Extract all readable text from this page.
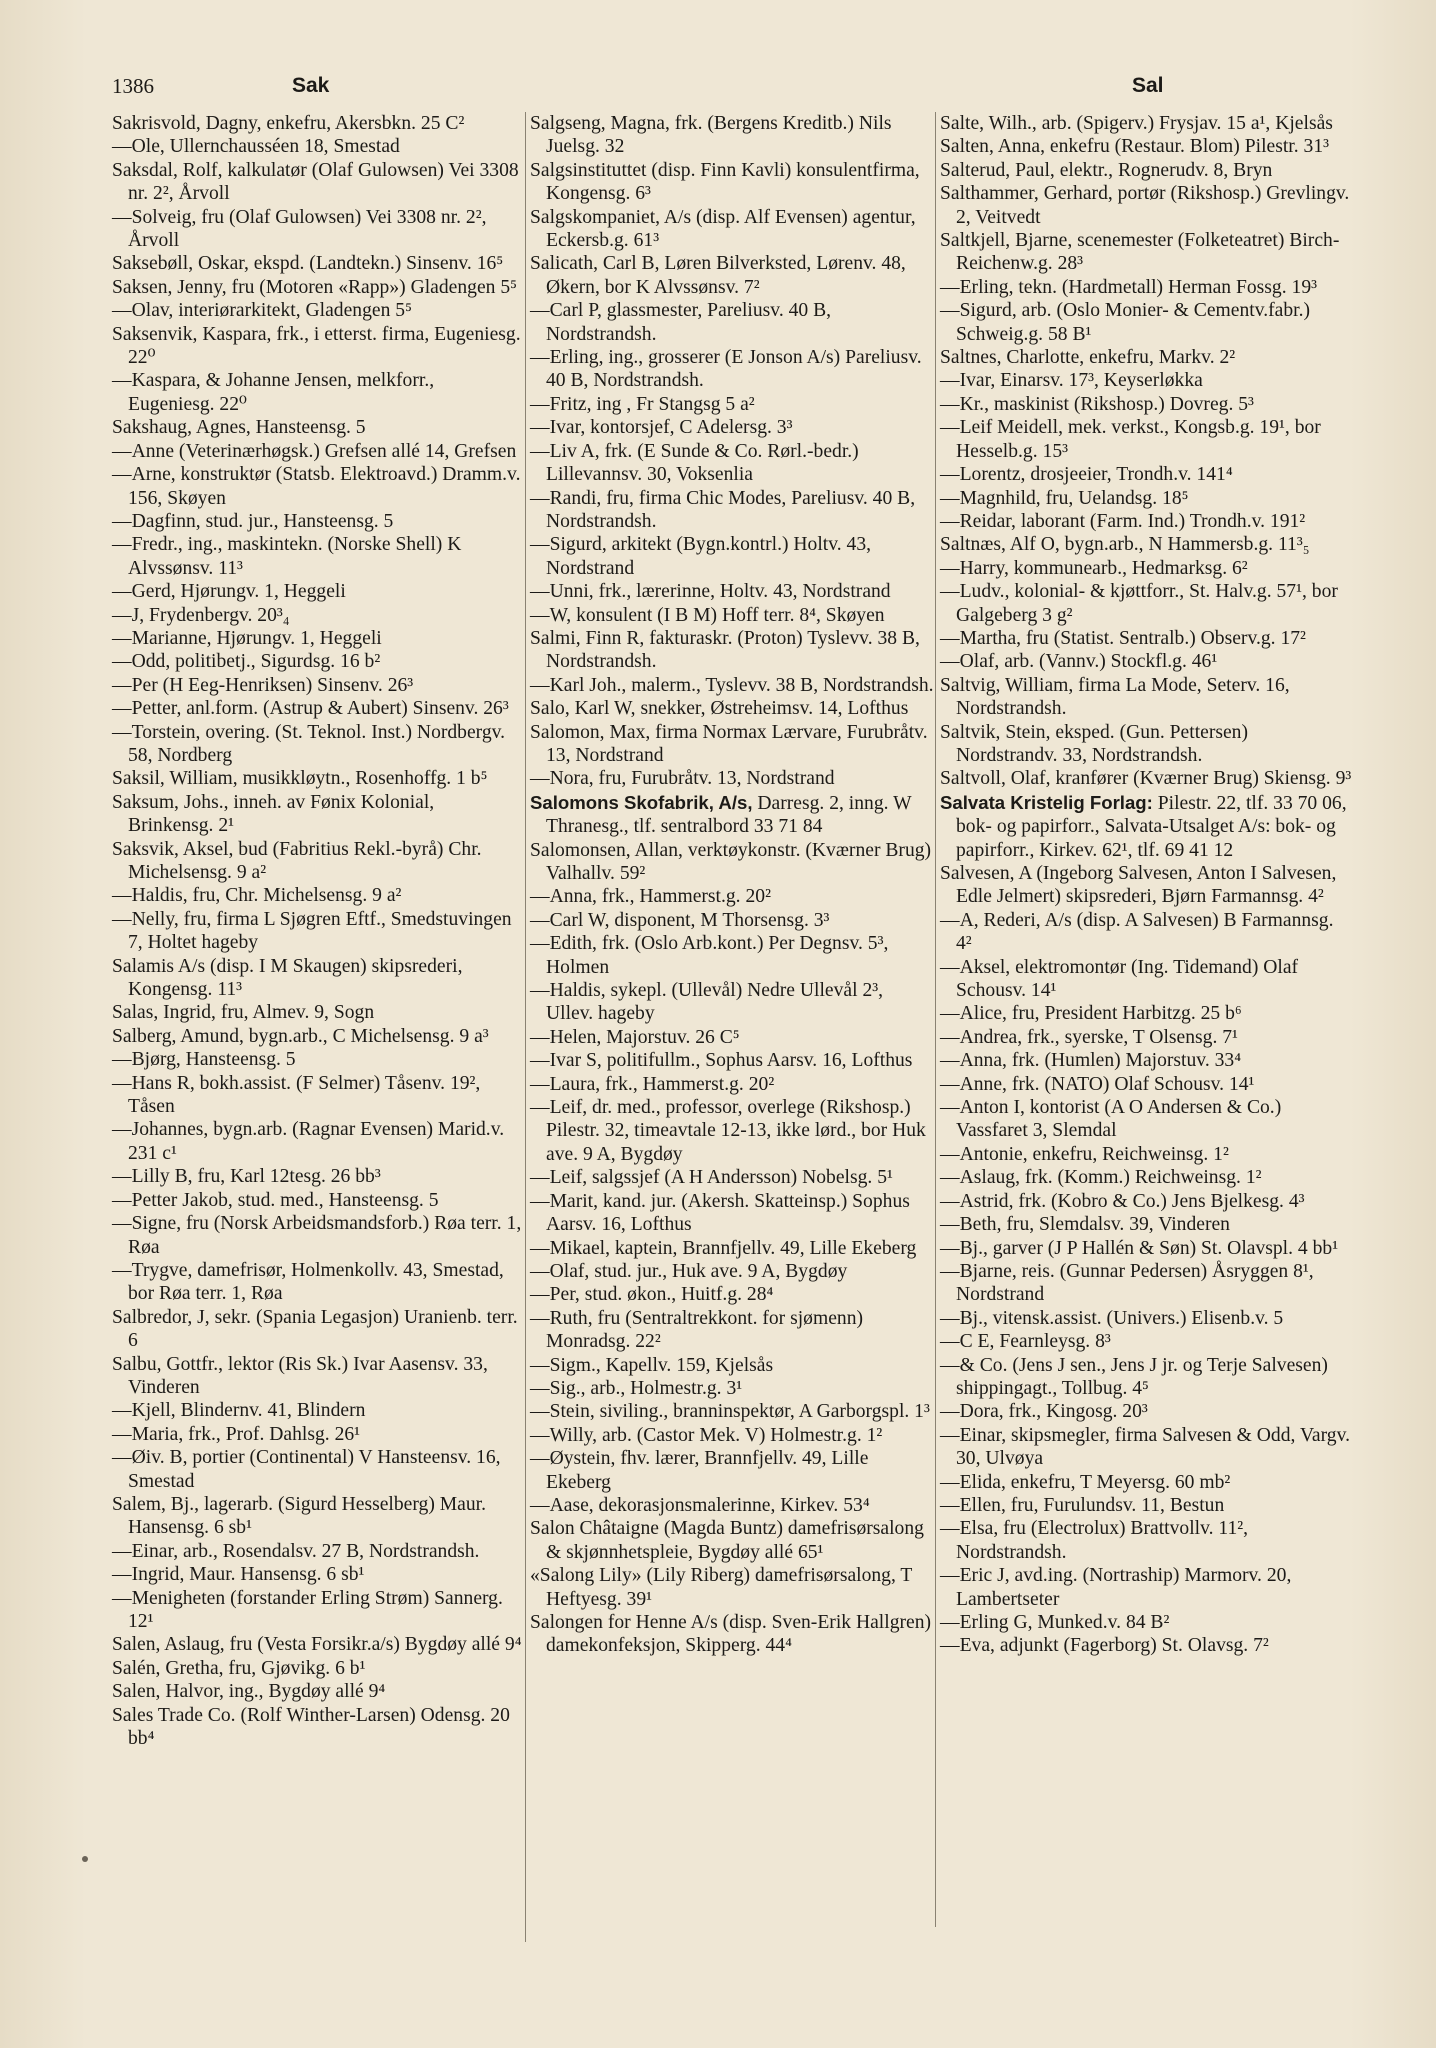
1386	Sak	Sal
Sakrisvold, Dagny, enkefru, Akersbkn. 25 C²
—Ole, Ullernchausséen 18, Smestad
Saksdal, Rolf, kalkulatør (Olaf Gulowsen) Vei 3308 nr. 2², Årvoll
—Solveig, fru (Olaf Gulowsen) Vei 3308 nr. 2², Årvoll
Saksebøll, Oskar, ekspd. (Landtekn.) Sinsenv. 16⁵
Saksen, Jenny, fru (Motoren «Rapp») Gladengen 5⁵
—Olav, interiørarkitekt, Gladengen 5⁵
Saksenvik, Kaspara, frk., i etterst. firma, Eugeniesg. 22⁰
—Kaspara, & Johanne Jensen, melkforr., Eugeniesg. 22⁰
Sakshaug, Agnes, Hansteensg. 5
—Anne (Veterinærhøgsk.) Grefsen allé 14, Grefsen
—Arne, konstruktør (Statsb. Elektroavd.) Dramm.v. 156, Skøyen
—Dagfinn, stud. jur., Hansteensg. 5
—Fredr., ing., maskintekn. (Norske Shell) K Alvssønsv. 11³
—Gerd, Hjørungv. 1, Heggeli
—J, Frydenbergv. 20³₄
—Marianne, Hjørungv. 1, Heggeli
—Odd, politibetj., Sigurdsg. 16 b²
—Per (H Eeg-Henriksen) Sinsenv. 26³
—Petter, anl.form. (Astrup & Aubert) Sinsenv. 26³
—Torstein, overing. (St. Teknol. Inst.) Nordbergv. 58, Nordberg
Saksil, William, musikkløytn., Rosenhoffg. 1 b⁵
Saksum, Johs., inneh. av Fønix Kolonial, Brinkensg. 2¹
Saksvik, Aksel, bud (Fabritius Rekl.-byrå) Chr. Michelsensg. 9 a²
—Haldis, fru, Chr. Michelsensg. 9 a²
—Nelly, fru, firma L Sjøgren Eftf., Smedstuvingen 7, Holtet hageby
Salamis A/s (disp. I M Skaugen) skipsrederi, Kongensg. 11³
Salas, Ingrid, fru, Almev. 9, Sogn
Salberg, Amund, bygn.arb., C Michelsensg. 9 a³
—Bjørg, Hansteensg. 5
—Hans R, bokh.assist. (F Selmer) Tåsenv. 19², Tåsen
—Johannes, bygn.arb. (Ragnar Evensen) Marid.v. 231 c¹
—Lilly B, fru, Karl 12tesg. 26 bb³
—Petter Jakob, stud. med., Hansteensg. 5
—Signe, fru (Norsk Arbeidsmandsforb.) Røa terr. 1, Røa
—Trygve, damefrisør, Holmenkollv. 43, Smestad, bor Røa terr. 1, Røa
Salbredor, J, sekr. (Spania Legasjon) Uranienb. terr. 6
Salbu, Gottfr., lektor (Ris Sk.) Ivar Aasensv. 33, Vinderen
—Kjell, Blindernv. 41, Blindern
—Maria, frk., Prof. Dahlsg. 26¹
—Øiv. B, portier (Continental) V Hansteensv. 16, Smestad
Salem, Bj., lagerarb. (Sigurd Hesselberg) Maur. Hansensg. 6 sb¹
—Einar, arb., Rosendalsv. 27 B, Nordstrandsh.
—Ingrid, Maur. Hansensg. 6 sb¹
—Menigheten (forstander Erling Strøm) Sannerg. 12¹
Salen, Aslaug, fru (Vesta Forsikr.a/s) Bygdøy allé 9⁴
Salén, Gretha, fru, Gjøvikg. 6 b¹
Salen, Halvor, ing., Bygdøy allé 9⁴
Sales Trade Co. (Rolf Winther-Larsen) Odensg. 20 bb⁴
Salgseng, Magna, frk. (Bergens Kreditb.) Nils Juelsg. 32
Salgsinstituttet (disp. Finn Kavli) konsulentfirma, Kongensg. 6³
Salgskompaniet, A/s (disp. Alf Evensen) agentur, Eckersb.g. 61³
Salicath, Carl B, Løren Bilverksted, Lørenv. 48, Økern, bor K Alvssønsv. 7²
—Carl P, glassmester, Pareliusv. 40 B, Nordstrandsh.
—Erling, ing., grosserer (E Jonson A/s) Pareliusv. 40 B, Nordstrandsh.
—Fritz, ing , Fr Stangsg 5 a²
—Ivar, kontorsjef, C Adelersg. 3³
—Liv A, frk. (E Sunde & Co. Rørl.-bedr.) Lillevannsv. 30, Voksenlia
—Randi, fru, firma Chic Modes, Pareliusv. 40 B, Nordstrandsh.
—Sigurd, arkitekt (Bygn.kontrl.) Holtv. 43, Nordstrand
—Unni, frk., lærerinne, Holtv. 43, Nordstrand
—W, konsulent (I B M) Hoff terr. 8⁴, Skøyen
Salmi, Finn R, fakturaskr. (Proton) Tyslevv. 38 B, Nordstrandsh.
—Karl Joh., malerm., Tyslevv. 38 B, Nordstrandsh.
Salo, Karl W, snekker, Østreheimsv. 14, Lofthus
Salomon, Max, firma Normax Lærvare, Furubråtv. 13, Nordstrand
—Nora, fru, Furubråtv. 13, Nordstrand
Salomons Skofabrik, A/s, Darresg. 2, inng. W Thranesg., tlf. sentralbord 33 71 84
Salomonsen, Allan, verktøykonstr. (Kværner Brug) Valhallv. 59²
—Anna, frk., Hammerst.g. 20²
—Carl W, disponent, M Thorsensg. 3³
—Edith, frk. (Oslo Arb.kont.) Per Degnsv. 5³, Holmen
—Haldis, sykepl. (Ullevål) Nedre Ullevål 2³, Ullev. hageby
—Helen, Majorstuv. 26 C⁵
—Ivar S, politifullm., Sophus Aarsv. 16, Lofthus
—Laura, frk., Hammerst.g. 20²
—Leif, dr. med., professor, overlege (Rikshosp.) Pilestr. 32, timeavtale 12-13, ikke lørd., bor Huk ave. 9 A, Bygdøy
—Leif, salgssjef (A H Andersson) Nobelsg. 5¹
—Marit, kand. jur. (Akersh. Skatteinsp.) Sophus Aarsv. 16, Lofthus
—Mikael, kaptein, Brannfjellv. 49, Lille Ekeberg
—Olaf, stud. jur., Huk ave. 9 A, Bygdøy
—Per, stud. økon., Huitf.g. 28⁴
—Ruth, fru (Sentraltrekkont. for sjømenn) Monradsg. 22²
—Sigm., Kapellv. 159, Kjelsås
—Sig., arb., Holmestr.g. 3¹
—Stein, siviling., branninspektør, A Garborgspl. 1³
—Willy, arb. (Castor Mek. V) Holmestr.g. 1²
—Øystein, fhv. lærer, Brannfjellv. 49, Lille Ekeberg
—Aase, dekorasjonsmalerinne, Kirkev. 53⁴
Salon Châtaigne (Magda Buntz) damefrisørsalong & skjønnhetspleie, Bygdøy allé 65¹
«Salong Lily» (Lily Riberg) damefrisørsalong, T Heftyesg. 39¹
Salongen for Henne A/s (disp. Sven-Erik Hallgren) damekonfeksjon, Skipperg. 44⁴
Salte, Wilh., arb. (Spigerv.) Frysjav. 15 a¹, Kjelsås
Salten, Anna, enkefru (Restaur. Blom) Pilestr. 31³
Salterud, Paul, elektr., Rognerudv. 8, Bryn
Salthammer, Gerhard, portør (Rikshosp.) Grevlingv. 2, Veitvedt
Saltkjell, Bjarne, scenemester (Folketeatret) Birch-Reichenw.g. 28³
—Erling, tekn. (Hardmetall) Herman Fossg. 19³
—Sigurd, arb. (Oslo Monier- & Cementv.fabr.) Schweig.g. 58 B¹
Saltnes, Charlotte, enkefru, Markv. 2²
—Ivar, Einarsv. 17³, Keyserløkka
—Kr., maskinist (Rikshosp.) Dovreg. 5³
—Leif Meidell, mek. verkst., Kongsb.g. 19¹, bor Hesselb.g. 15³
—Lorentz, drosjeeier, Trondh.v. 141⁴
—Magnhild, fru, Uelandsg. 18⁵
—Reidar, laborant (Farm. Ind.) Trondh.v. 191²
Saltnæs, Alf O, bygn.arb., N Hammersb.g. 11³₅
—Harry, kommunearb., Hedmarksg. 6²
—Ludv., kolonial- & kjøttforr., St. Halv.g. 57¹, bor Galgeberg 3 g²
—Martha, fru (Statist. Sentralb.) Observ.g. 17²
—Olaf, arb. (Vannv.) Stockfl.g. 46¹
Saltvig, William, firma La Mode, Seterv. 16, Nordstrandsh.
Saltvik, Stein, eksped. (Gun. Pettersen) Nordstrandv. 33, Nordstrandsh.
Saltvoll, Olaf, kranfører (Kværner Brug) Skiensg. 9³
Salvata Kristelig Forlag: Pilestr. 22, tlf. 33 70 06, bok- og papirforr., Salvata-Utsalget A/s: bok- og papirforr., Kirkev. 62¹, tlf. 69 41 12
Salvesen, A (Ingeborg Salvesen, Anton I Salvesen, Edle Jelmert) skipsrederi, Bjørn Farmannsg. 4²
—A, Rederi, A/s (disp. A Salvesen) B Farmannsg. 4²
—Aksel, elektromontør (Ing. Tidemand) Olaf Schousv. 14¹
—Alice, fru, President Harbitzg. 25 b⁶
—Andrea, frk., syerske, T Olsensg. 7¹
—Anna, frk. (Humlen) Majorstuv. 33⁴
—Anne, frk. (NATO) Olaf Schousv. 14¹
—Anton I, kontorist (A O Andersen & Co.) Vassfaret 3, Slemdal
—Antonie, enkefru, Reichweinsg. 1²
—Aslaug, frk. (Komm.) Reichweinsg. 1²
—Astrid, frk. (Kobro & Co.) Jens Bjelkesg. 4³
—Beth, fru, Slemdalsv. 39, Vinderen
—Bj., garver (J P Hallén & Søn) St. Olavspl. 4 bb¹
—Bjarne, reis. (Gunnar Pedersen) Åsryggen 8¹, Nordstrand
—Bj., vitensk.assist. (Univers.) Elisenb.v. 5
—C E, Fearnleysg. 8³
—& Co. (Jens J sen., Jens J jr. og Terje Salvesen) shippingagt., Tollbug. 4⁵
—Dora, frk., Kingosg. 20³
—Einar, skipsmegler, firma Salvesen & Odd, Vargv. 30, Ulvøya
—Elida, enkefru, T Meyersg. 60 mb²
—Ellen, fru, Furulundsv. 11, Bestun
—Elsa, fru (Electrolux) Brattvollv. 11², Nordstrandsh.
—Eric J, avd.ing. (Nortraship) Marmorv. 20, Lambertseter
—Erling G, Munked.v. 84 B²
—Eva, adjunkt (Fagerborg) St. Olavsg. 7²
